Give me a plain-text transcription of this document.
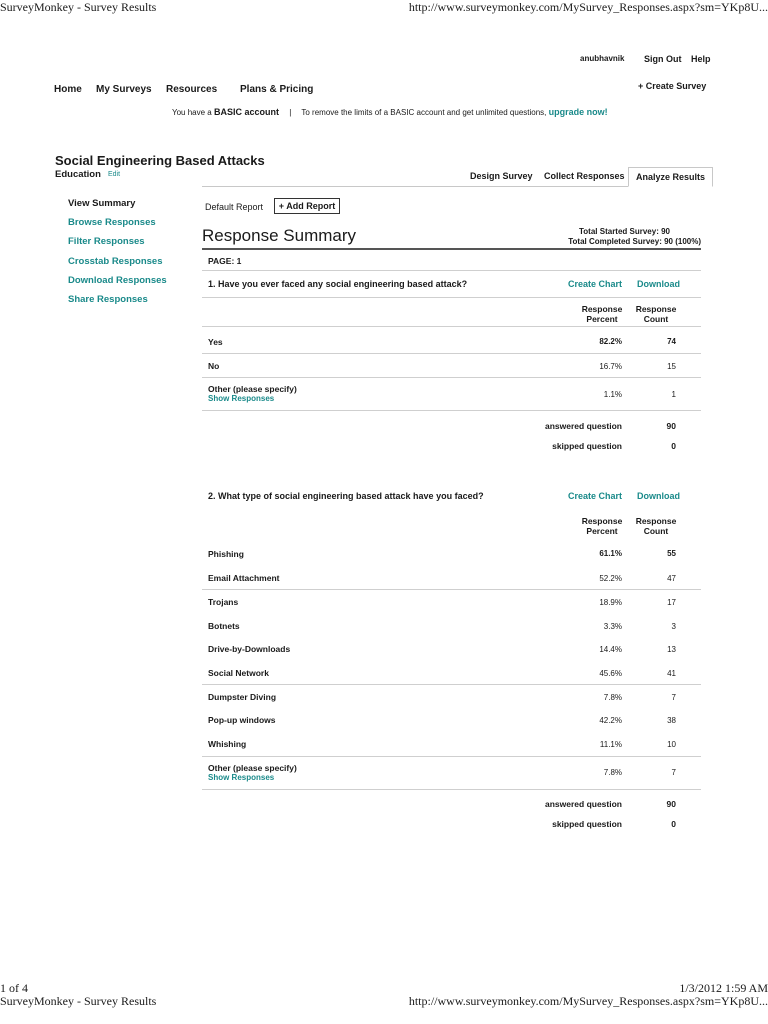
SurveyMonkey - Survey Results	http://www.surveymonkey.com/MySurvey_Responses.aspx?sm=YKp8U...
anubhavnik Sign Out Help
+ Create Survey
Home My Surveys Resources Plans & Pricing
You have a BASIC account | To remove the limits of a BASIC account and get unlimited questions, upgrade now!
Social Engineering Based Attacks
Education Edit	Design Survey	Collect Responses	Analyze Results
View Summary
Browse Responses
Filter Responses
Crosstab Responses
Download Responses
Share Responses
Default Report	+ Add Report
Response Summary	Total Started Survey: 90
Total Completed Survey: 90 (100%)
PAGE: 1
1. Have you ever faced any social engineering based attack?	Create Chart Download
Response
Percent
Response
Count
Yes	82.2%	74
No	16.7%	15
Other (please specify)
Show Responses	1.1%	1
answered question	90
skipped question	0
2. What type of social engineering based attack have you faced?	Create Chart Download
Response
Percent
Response
Count
Phishing	61.1%	55
Email Attachment	52.2%	47
Trojans	18.9%	17
Botnets	3.3%	3
Drive-by-Downloads	14.4%	13
Social Network	45.6%	41
Dumpster Diving	7.8%	7
Pop-up windows	42.2%	38
Whishing	11.1%	10
Other (please specify)
Show Responses
7.8%	7
answered question	90
skipped question	0
1 of 4	1/3/2012 1:59 AM
SurveyMonkey - Survey Results	http://www.surveymonkey.com/MySurvey_Responses.aspx?sm=YKp8U...
